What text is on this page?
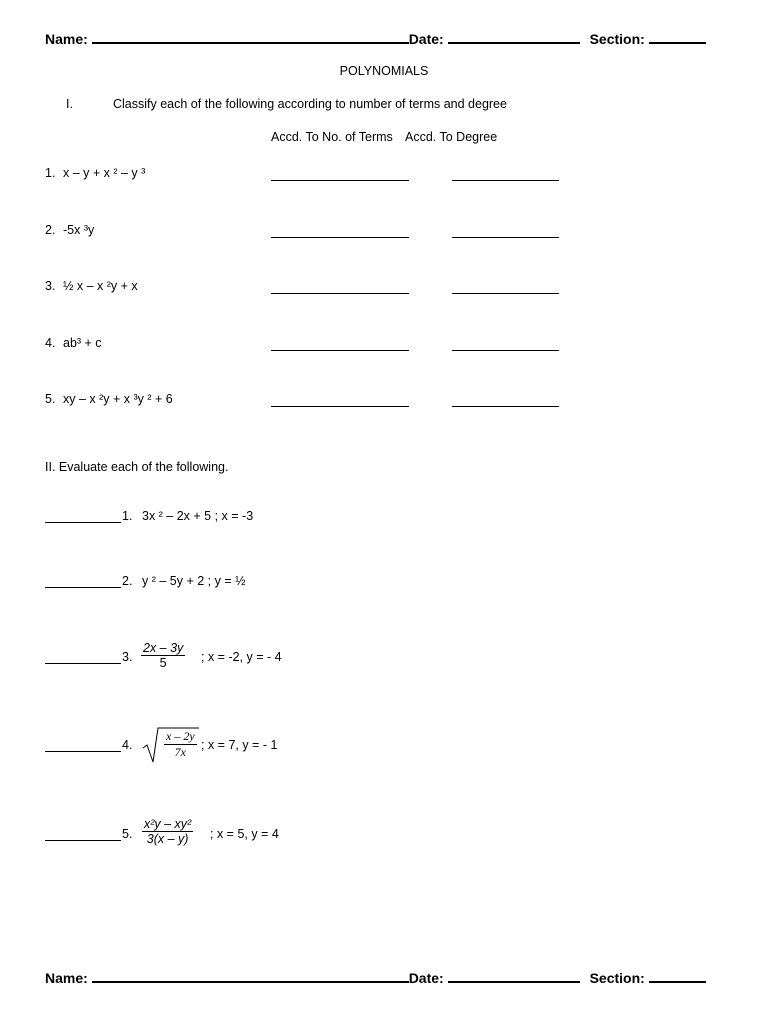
Name:	Date:	Section:
POLYNOMIALS
I.	Classify each of the following according to number of terms and degree
Accd. To No. of Terms Accd. To Degree
1. x – y + x ² – y ³
2. -5x ³y
3. ½ x – x ²y + x
4. ab³ + c
5. xy – x ²y + x ³y ² + 6
II. Evaluate each of the following.
1. 3x ² – 2x + 5 ; x = -3
2. y ² – 5y + 2 ; y = ½
3. $\frac{2x - 3y}{5}$ ; x = -2, y = - 4
4.	$\frac{x - 2y}{7x}$ ; x = 7, y = - 1
5. $\frac{\text{x²y – xy²}}{3(x - y)}$ ; x = 5, y = 4
Name:	Date:	Section:
